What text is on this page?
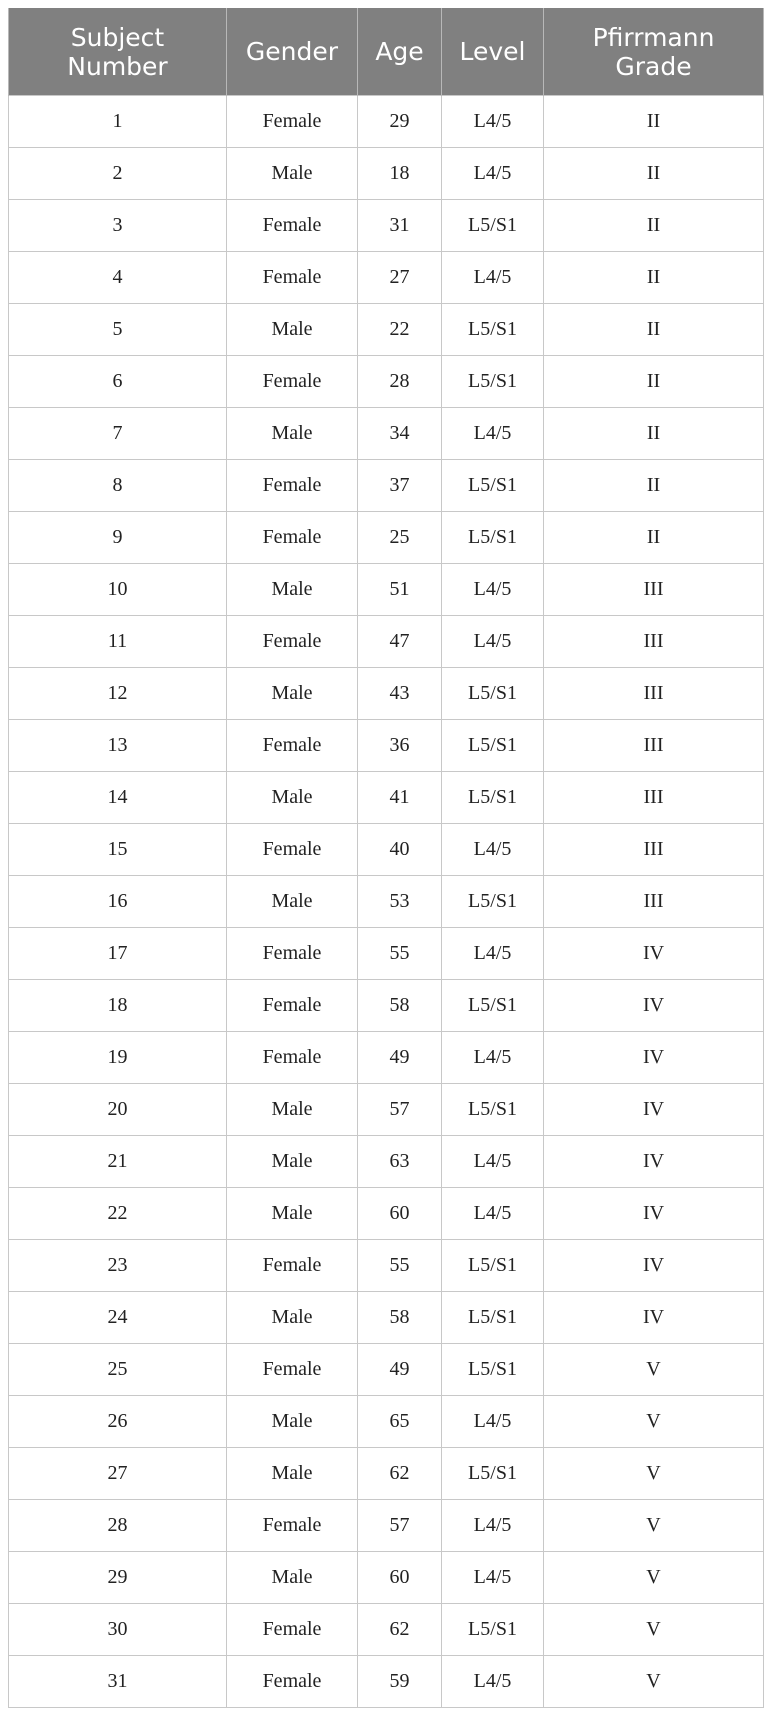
Subject Number	Gender	Age	Level	Pfirrmann Grade
1	Female	29	L4/5	II
2	Male	18	L4/5	II
3	Female	31	L5/S1	II
4	Female	27	L4/5	II
5	Male	22	L5/S1	II
6	Female	28	L5/S1	II
7	Male	34	L4/5	II
8	Female	37	L5/S1	II
9	Female	25	L5/S1	II
10	Male	51	L4/5	III
11	Female	47	L4/5	III
12	Male	43	L5/S1	III
13	Female	36	L5/S1	III
14	Male	41	L5/S1	III
15	Female	40	L4/5	III
16	Male	53	L5/S1	III
17	Female	55	L4/5	IV
18	Female	58	L5/S1	IV
19	Female	49	L4/5	IV
20	Male	57	L5/S1	IV
21	Male	63	L4/5	IV
22	Male	60	L4/5	IV
23	Female	55	L5/S1	IV
24	Male	58	L5/S1	IV
25	Female	49	L5/S1	V
26	Male	65	L4/5	V
27	Male	62	L5/S1	V
28	Female	57	L4/5	V
29	Male	60	L4/5	V
30	Female	62	L5/S1	V
31	Female	59	L4/5	V
